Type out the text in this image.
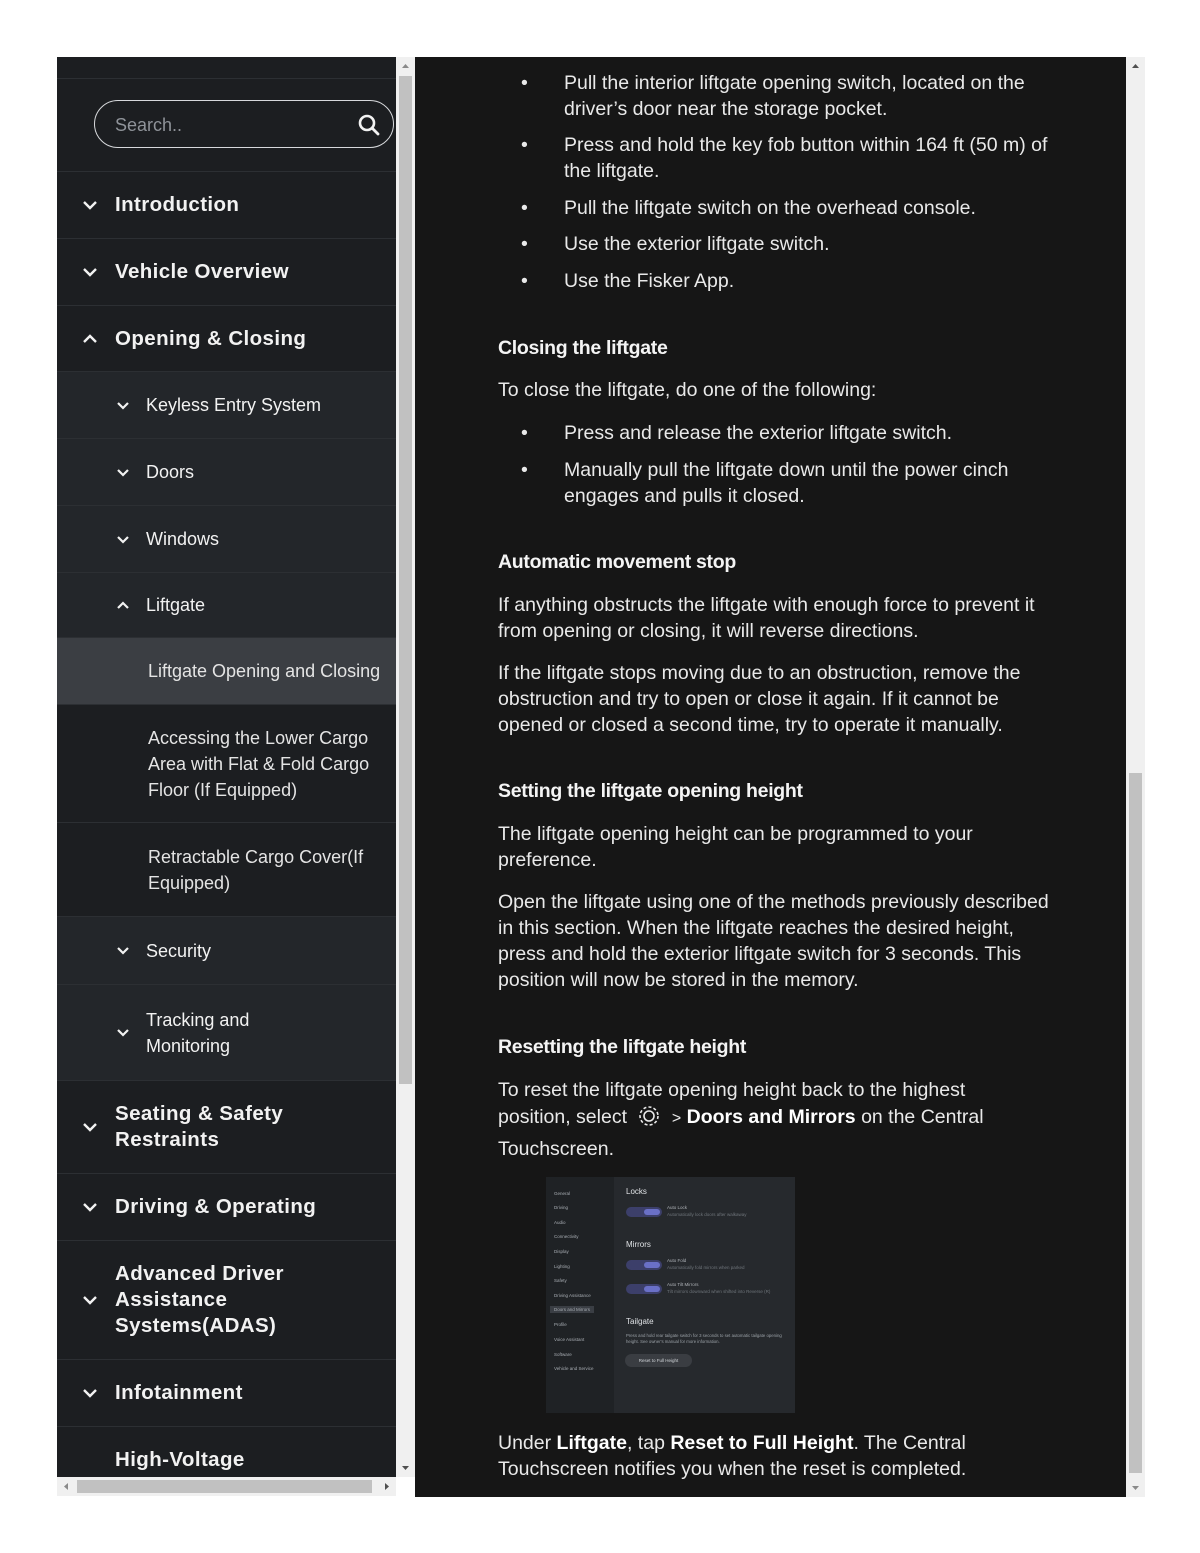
Search..
Introduction
Vehicle Overview
Opening & Closing
Keyless Entry System
Doors
Windows
Liftgate
Liftgate Opening and Closing
Accessing the Lower Cargo Area with Flat & Fold Cargo Floor (If Equipped)
Retractable Cargo Cover(If Equipped)
Security
Tracking and Monitoring
Seating & Safety Restraints
Driving & Operating
Advanced Driver Assistance Systems(ADAS)
Infotainment
High-Voltage
• Pull the interior liftgate opening switch, located on the driver’s door near the storage pocket.
• Press and hold the key fob button within 164 ft (50 m) of the liftgate.
• Pull the liftgate switch on the overhead console.
• Use the exterior liftgate switch.
• Use the Fisker App.
Closing the liftgate
To close the liftgate, do one of the following:
• Press and release the exterior liftgate switch.
• Manually pull the liftgate down until the power cinch engages and pulls it closed.
Automatic movement stop
If anything obstructs the liftgate with enough force to prevent it from opening or closing, it will reverse directions.
If the liftgate stops moving due to an obstruction, remove the obstruction and try to open or close it again. If it cannot be opened or closed a second time, try to operate it manually.
Setting the liftgate opening height
The liftgate opening height can be programmed to your preference.
Open the liftgate using one of the methods previously described in this section. When the liftgate reaches the desired height, press and hold the exterior liftgate switch for 3 seconds. This position will now be stored in the memory.
Resetting the liftgate height
To reset the liftgate opening height back to the highest position, select	> Doors and Mirrors on the Central Touchscreen.
General
Driving
Audio
Connectivity
Display
Lighting
Safety
Driving Assistance
Doors and Mirrors
Profile
Voice Assistant
Software
Vehicle and Service
Locks
Auto Lock
Automatically lock doors after walkaway
Mirrors
Auto Fold
Automatically fold mirrors when parked
Auto Tilt Mirrors
Tilt mirrors downward when shifted into Reverse (R)
Tailgate
Press and hold rear tailgate switch for 3 seconds to set automatic tailgate opening height. See owner's manual for more information.
Reset to Full Height
Under Liftgate, tap Reset to Full Height. The Central Touchscreen notifies you when the reset is completed.
